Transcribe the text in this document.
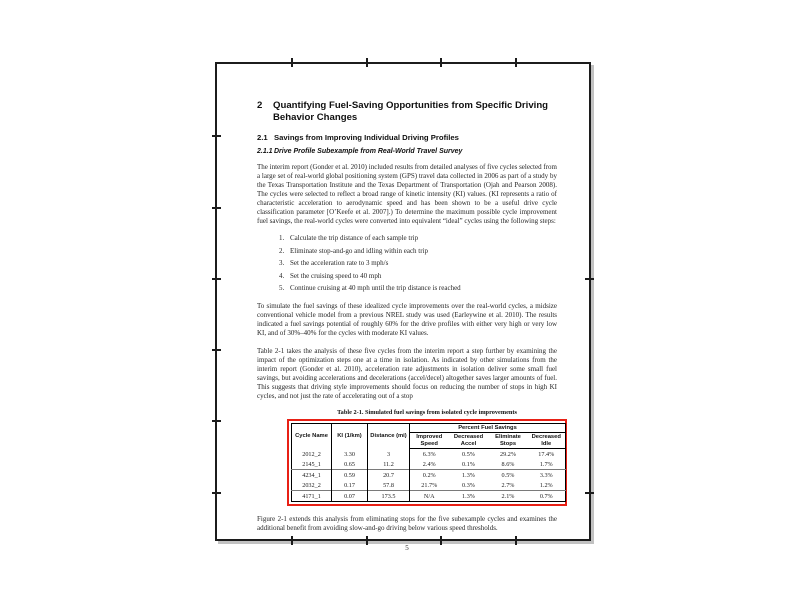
2	Quantifying Fuel-Saving Opportunities from Specific Driving Behavior Changes
2.1 Savings from Improving Individual Driving Profiles
2.1.1 Drive Profile Subexample from Real-World Travel Survey

The interim report (Gonder et al. 2010) included results from detailed analyses of five cycles selected from a large set of real-world global positioning system (GPS) travel data collected in 2006 as part of a study by the Texas Transportation Institute and the Texas Department of Transportation (Ojah and Pearson 2008). The cycles were selected to reflect a broad range of kinetic intensity (KI) values. (KI represents a ratio of characteristic acceleration to aerodynamic speed and has been shown to be a useful drive cycle classification parameter [O’Keefe et al. 2007].) To determine the maximum possible cycle improvement fuel savings, the real-world cycles were converted into equivalent “ideal” cycles using the following steps:

1. Calculate the trip distance of each sample trip
2. Eliminate stop-and-go and idling within each trip
3. Set the acceleration rate to 3 mph/s
4. Set the cruising speed to 40 mph
5. Continue cruising at 40 mph until the trip distance is reached

To simulate the fuel savings of these idealized cycle improvements over the real-world cycles, a midsize conventional vehicle model from a previous NREL study was used (Earleywine et al. 2010). The results indicated a fuel savings potential of roughly 60% for the drive profiles with either very high or very low KI, and of 30%–40% for the cycles with moderate KI values.

Table 2-1 takes the analysis of these five cycles from the interim report a step further by examining the impact of the optimization steps one at a time in isolation. As indicated by other simulations from the interim report (Gonder et al. 2010), acceleration rate adjustments in isolation deliver some small fuel savings, but avoiding accelerations and decelerations (accel/decel) altogether saves larger amounts of fuel. This suggests that driving style improvements should focus on reducing the number of stops in high KI cycles, and not just the rate of accelerating out of a stop

Table 2-1. Simulated fuel savings from isolated cycle improvements
Cycle Name	KI (1/km)	Distance (mi)	Percent Fuel Savings			
			Improved Speed	Decreased Accel	Eliminate Stops	Decreased Idle
2012_2	3.30	3	6.3%	0.5%	29.2%	17.4%
2145_1	0.65	11.2	2.4%	0.1%	8.6%	1.7%
4234_1	0.59	20.7	0.2%	1.3%	0.5%	3.3%
2032_2	0.17	57.8	21.7%	0.3%	2.7%	1.2%
4171_1	0.07	173.5	N/A	1.3%	2.1%	0.7%

Figure 2-1 extends this analysis from eliminating stops for the five subexample cycles and examines the additional benefit from avoiding slow-and-go driving below various speed thresholds.

5
